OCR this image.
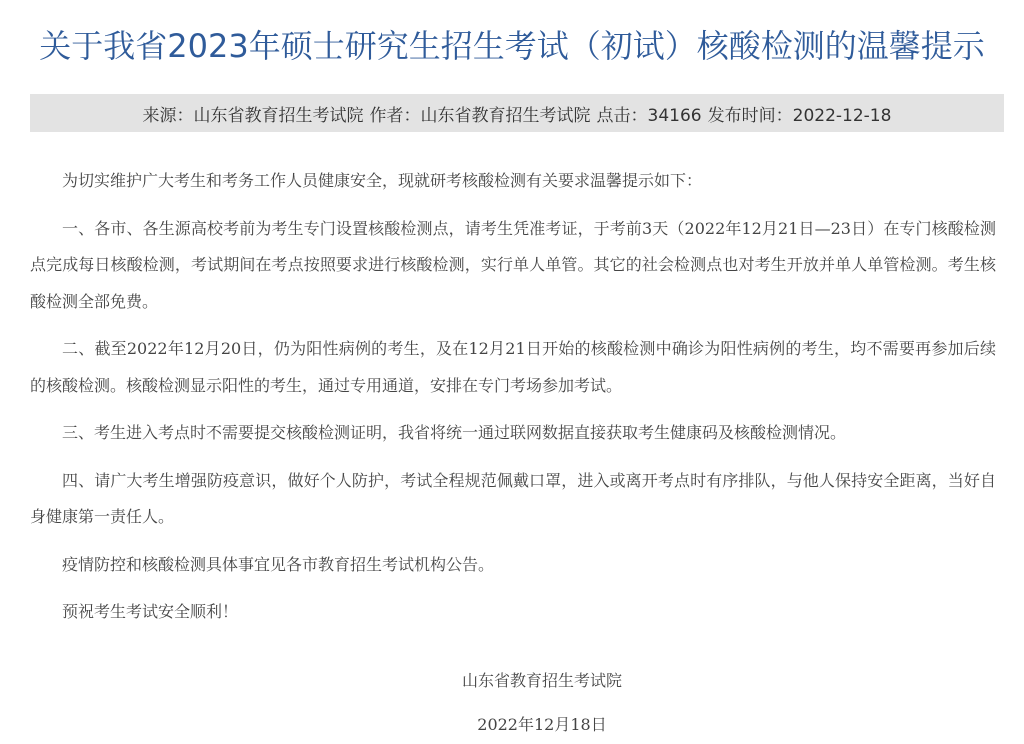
关于我省2023年硕士研究生招生考试（初试）核酸检测的温馨提示
来源：山东省教育招生考试院 作者：山东省教育招生考试院 点击：34166 发布时间：2022-12-18

为切实维护广大考生和考务工作人员健康安全，现就研考核酸检测有关要求温馨提示如下：

一、各市、各生源高校考前为考生专门设置核酸检测点，请考生凭准考证，于考前3天（2022年12月21日—23日）在专门核酸检测点完成每日核酸检测，考试期间在考点按照要求进行核酸检测，实行单人单管。其它的社会检测点也对考生开放并单人单管检测。考生核酸检测全部免费。

二、截至2022年12月20日，仍为阳性病例的考生，及在12月21日开始的核酸检测中确诊为阳性病例的考生，均不需要再参加后续的核酸检测。核酸检测显示阳性的考生，通过专用通道，安排在专门考场参加考试。

三、考生进入考点时不需要提交核酸检测证明，我省将统一通过联网数据直接获取考生健康码及核酸检测情况。

四、请广大考生增强防疫意识，做好个人防护，考试全程规范佩戴口罩，进入或离开考点时有序排队，与他人保持安全距离，当好自身健康第一责任人。

疫情防控和核酸检测具体事宜见各市教育招生考试机构公告。

预祝考生考试安全顺利！

山东省教育招生考试院
2022年12月18日
